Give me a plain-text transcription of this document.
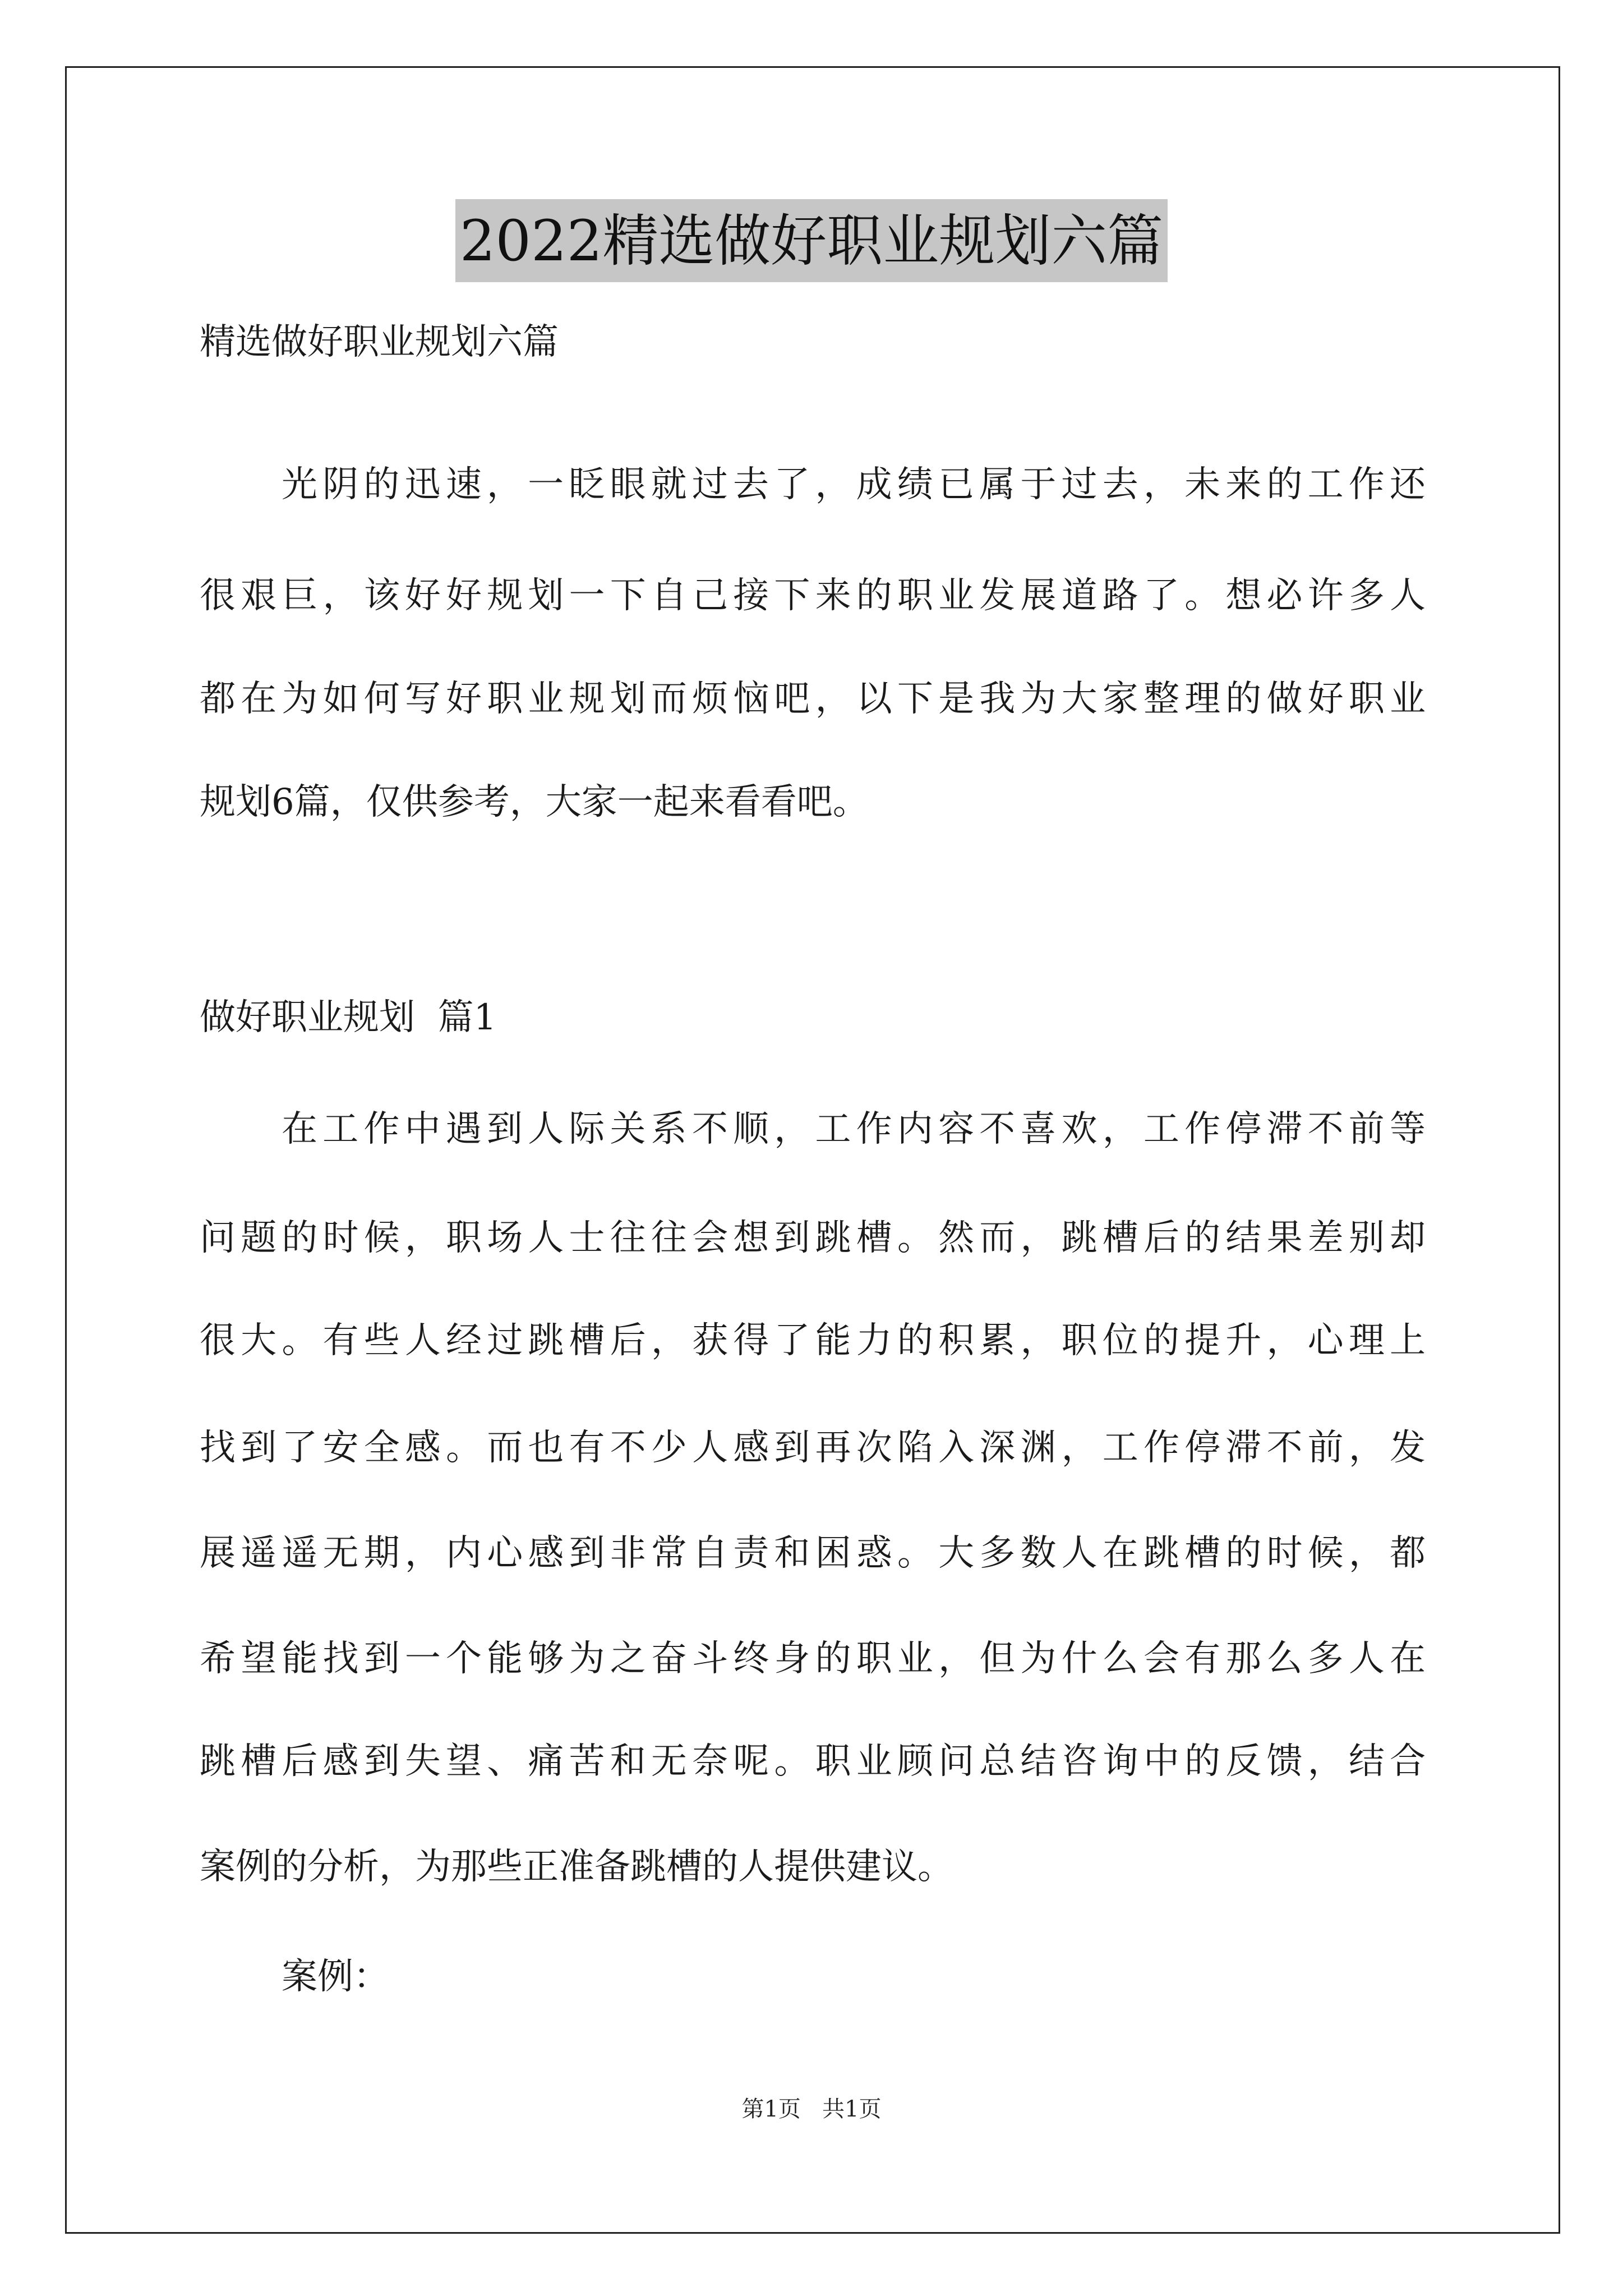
2022精选做好职业规划六篇
精选做好职业规划六篇
光阴的迅速，一眨眼就过去了，成绩已属于过去，未来的工作还
很艰巨，该好好规划一下自己接下来的职业发展道路了。想必许多人
都在为如何写好职业规划而烦恼吧，以下是我为大家整理的做好职业
规划6篇，仅供参考，大家一起来看看吧。
做好职业规划  篇1
在工作中遇到人际关系不顺，工作内容不喜欢，工作停滞不前等
问题的时候，职场人士往往会想到跳槽。然而，跳槽后的结果差别却
很大。有些人经过跳槽后，获得了能力的积累，职位的提升，心理上
找到了安全感。而也有不少人感到再次陷入深渊，工作停滞不前，发
展遥遥无期，内心感到非常自责和困惑。大多数人在跳槽的时候，都
希望能找到一个能够为之奋斗终身的职业，但为什么会有那么多人在
跳槽后感到失望、痛苦和无奈呢。职业顾问总结咨询中的反馈，结合
案例的分析，为那些正准备跳槽的人提供建议。
案例：
第1页   共1页
